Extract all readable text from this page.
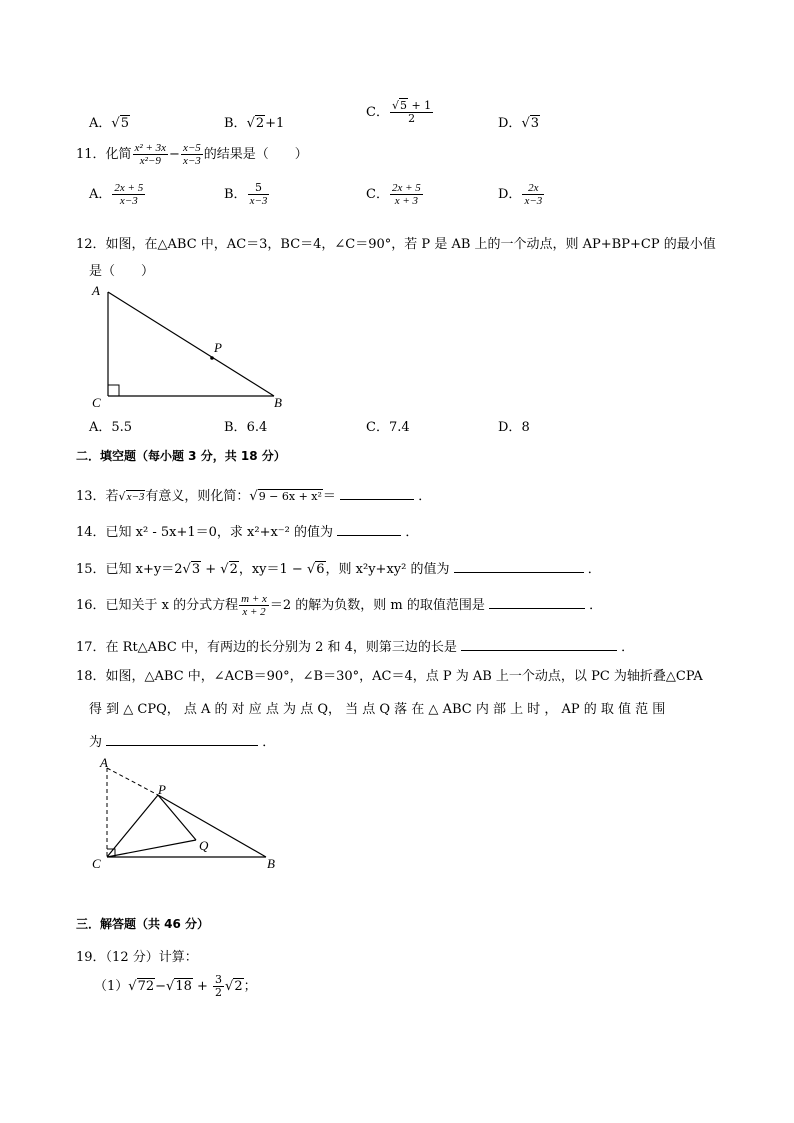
A．√5	B．√2+1
C． $\frac{√5 + 1}{2}$	D．√3
11．化简 $\frac{\text{x² + 3x}}{\text{x²−9}} - \frac{x-5}{x-3}$ 的结果是（　　）
A． $\frac{2x + 5}{x-3}$	B． $\frac{5}{x-3}$	C． $\frac{2x + 5}{x + 3}$	D． $\frac{2x}{x-3}$
12．如图，在△ABC 中，AC＝3，BC＝4，∠C＝90°，若 P 是 AB 上的一个动点，则 AP+BP+CP 的最小值
是（　　）
A
B
C
P
A．5.5	B．6.4	C．7.4	D．8
二．填空题（每小题 3 分，共 18 分）
13．若√x−3有意义，则化简：√9 − 6x + x²＝	．
14．已知 x² - 5x+1＝0，求 x²+x⁻² 的值为	．
15．已知 x+y＝2√3 + √2，xy＝1 − √6，则 x²y+xy² 的值为	．
16．已知关于 x 的分式方程 $\frac{m + x}{x + 2} =2$ 的解为负数，则 m 的取值范围是	．
17．在 Rt△ABC 中，有两边的长分别为 2 和 4，则第三边的长是	．
18．如图，△ABC 中，∠ACB＝90°，∠B＝30°，AC＝4，点 P 为 AB 上一个动点，以 PC 为轴折叠△CPA
得 到 △ CPQ， 点 A 的 对 应 点 为 点 Q， 当 点 Q 落 在 △ ABC 内 部 上 时 ， AP 的 取 值 范 围
为	．
A
P
Q
C	B
三．解答题（共 46 分）
19．（12 分）计算：
$(1)√72-√18 + \frac{3}{2} √2$；
